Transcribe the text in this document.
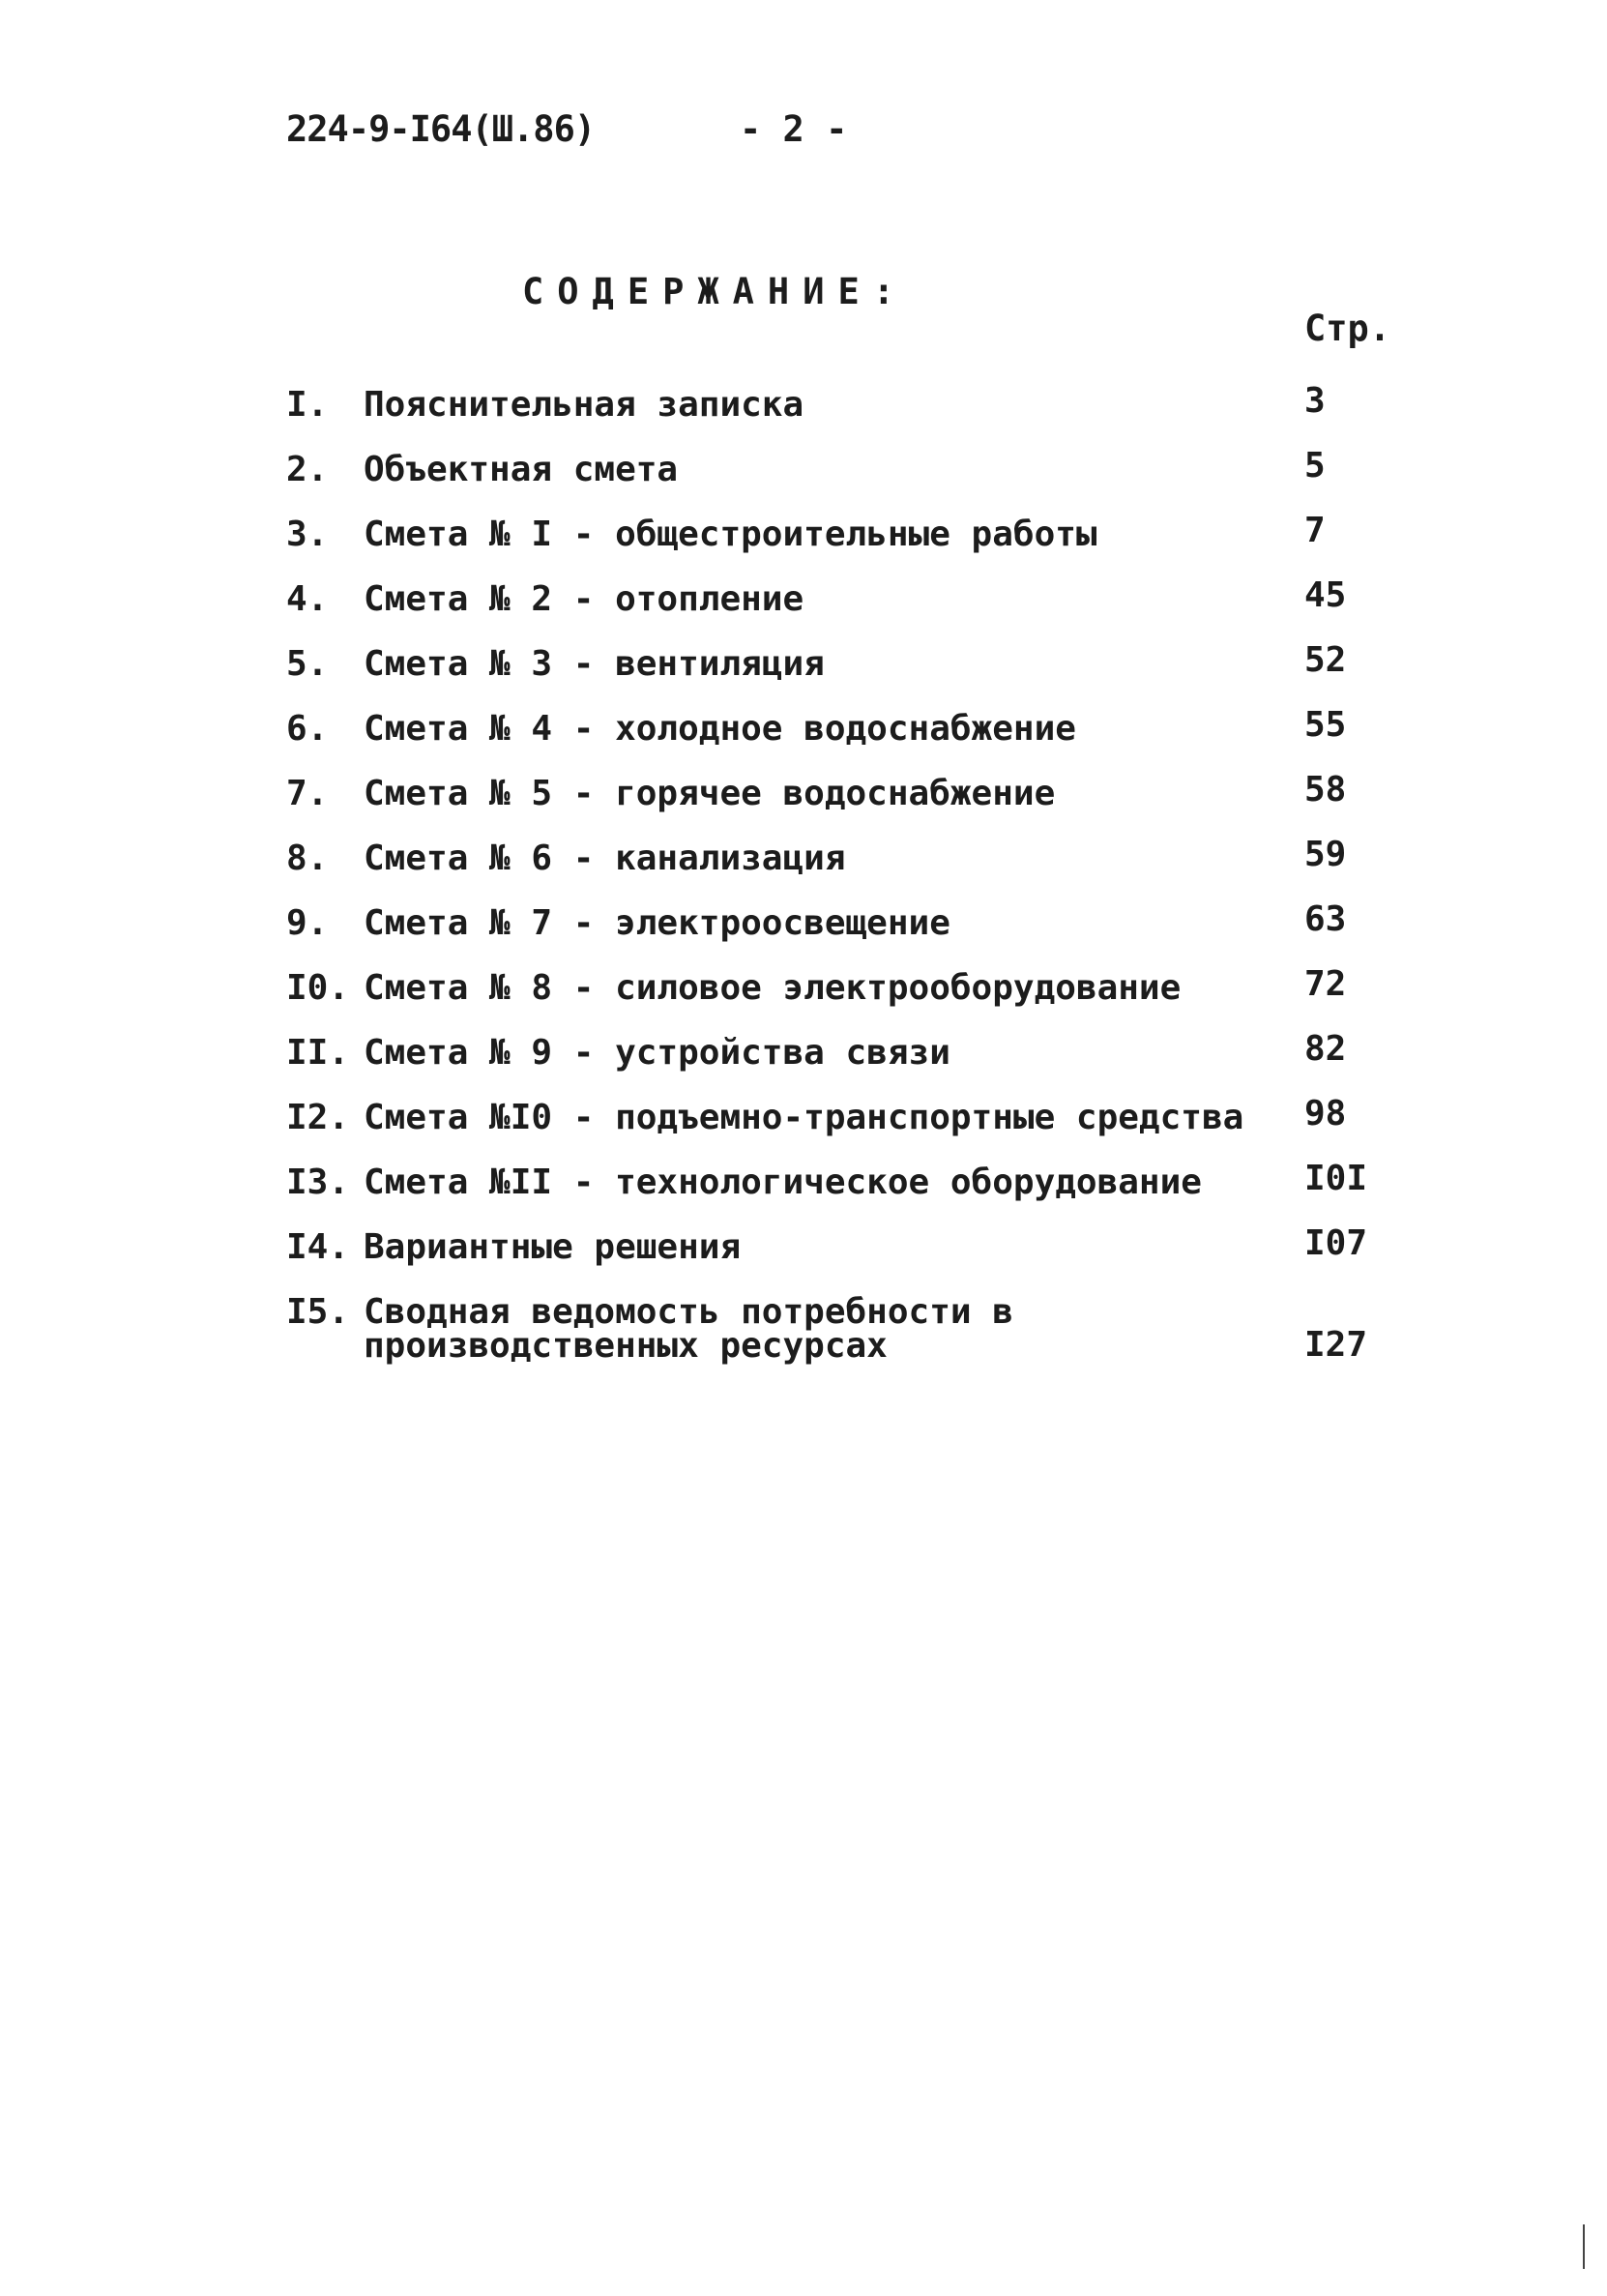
224-9-I64(Ш.86)	- 2 -
СОДЕРЖАНИЕ:
Стр.
I.	Пояснительная записка	3
2.	Объектная смета	5
3.	Смета № I - общестроительные работы	7
4.	Смета № 2 - отопление	45
5.	Смета № 3 - вентиляция	52
6.	Смета № 4 - холодное водоснабжение	55
7.	Смета № 5 - горячее водоснабжение	58
8.	Смета № 6 - канализация	59
9.	Смета № 7 - электроосвещение	63
I0. Смета № 8 - силовое электрооборудование	72
II. Смета № 9 - устройства связи	82
I2. Смета №I0 - подъемно-транспортные средства	98
I3. Смета №II - технологическое оборудование	I0I
I4. Вариантные решения	I07
I5. Сводная ведомость потребности в
производственных ресурсах	I27
